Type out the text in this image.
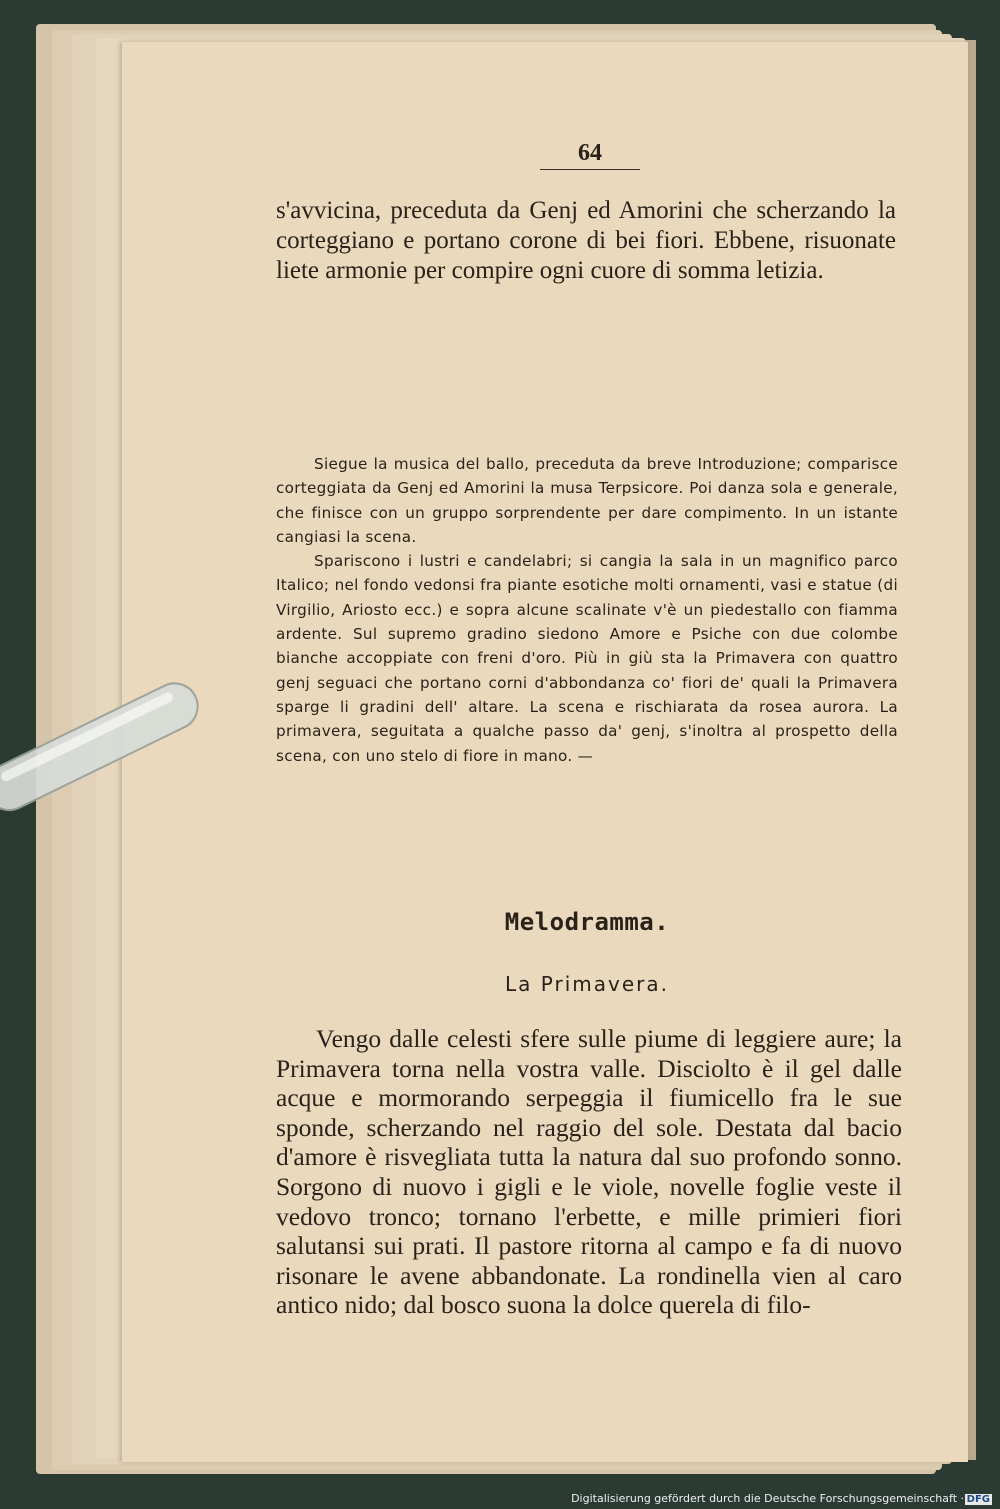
64
s'avvicina, preceduta da Genj ed Amorini che scherzando la corteggiano e portano corone di bei fiori. Ebbene, risuonate liete armonie per compire ogni cuore di somma letizia.

Siegue la musica del ballo, preceduta da breve Introduzione; comparisce corteggiata da Genj ed Amorini la musa Terpsicore. Poi danza sola e generale, che finisce con un gruppo sorprendente per dare compimento. In un istante cangiasi la scena.

Spariscono i lustri e candelabri; si cangia la sala in un magnifico parco Italico; nel fondo vedonsi fra piante esotiche molti ornamenti, vasi e statue (di Virgilio, Ariosto ecc.) e sopra alcune scalinate v'è un piedestallo con fiamma ardente. Sul supremo gradino siedono Amore e Psiche con due colombe bianche accoppiate con freni d'oro. Più in giù sta la Primavera con quattro genj seguaci che portano corni d'abbondanza co' fiori de' quali la Primavera sparge li gradini dell' altare. La scena e rischiarata da rosea aurora. La primavera, seguitata a qualche passo da' genj, s'inoltra al prospetto della scena, con uno stelo di fiore in mano. —

Melodramma.
La Primavera.

Vengo dalle celesti sfere sulle piume di leggiere aure; la Primavera torna nella vostra valle. Disciolto è il gel dalle acque e mormorando serpeggia il fiumicello fra le sue sponde, scherzando nel raggio del sole. Destata dal bacio d'amore è risvegliata tutta la natura dal suo profondo sonno. Sorgono di nuovo i gigli e le viole, novelle foglie veste il vedovo tronco; tornano l'erbette, e mille primieri fiori salutansi sui prati. Il pastore ritorna al campo e fa di nuovo risonare le avene abbandonate. La rondinella vien al caro antico nido; dal bosco suona la dolce querela di filo-

Digitalisierung gefördert durch die Deutsche Forschungsgemeinschaft · DFG
